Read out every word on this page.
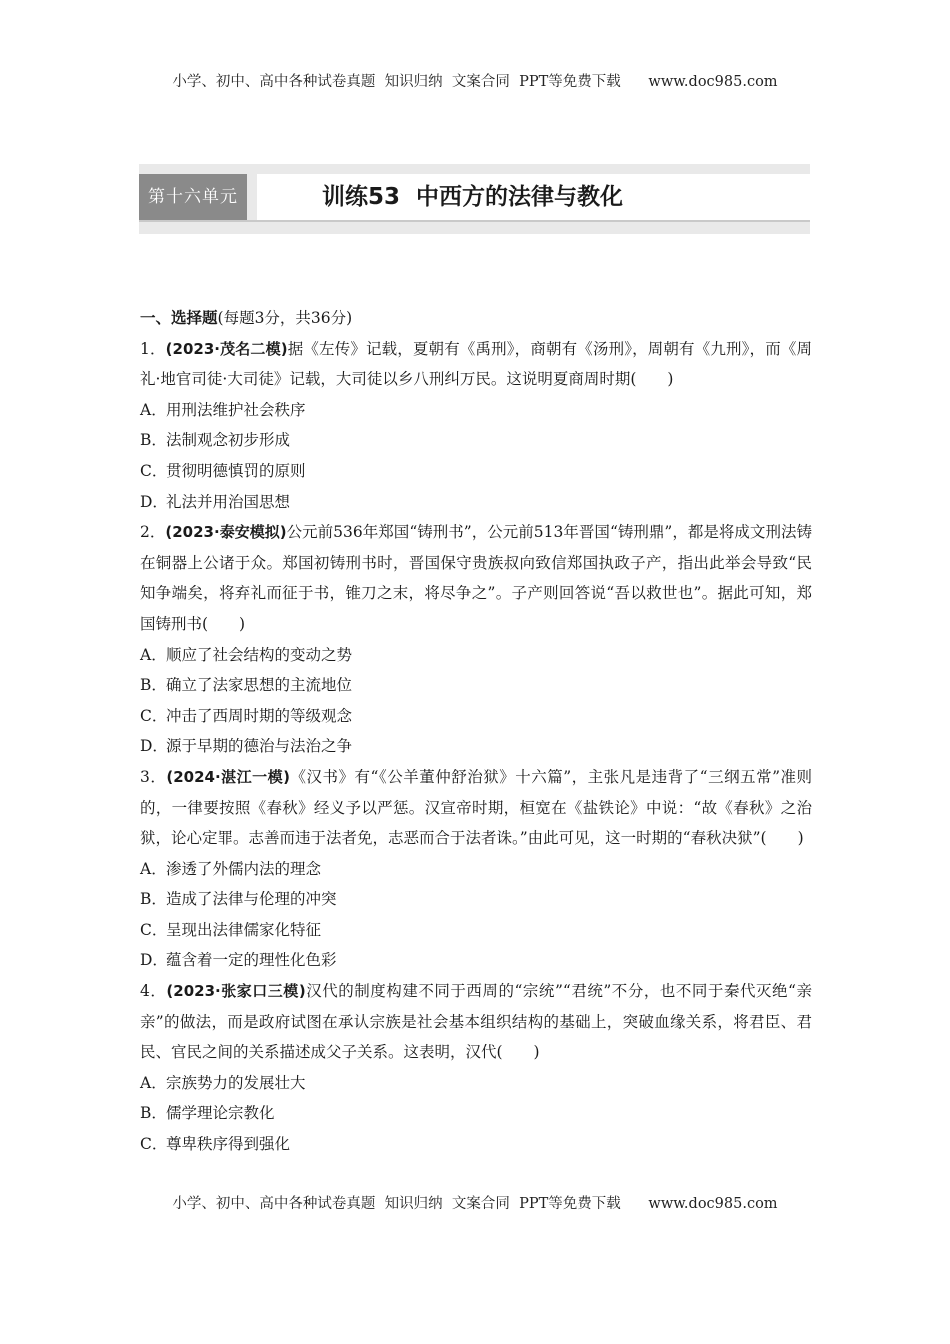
小学、初中、高中各种试卷真题  知识归纳  文案合同  PPT等免费下载      www.doc985.com
第十六单元	训练53  中西方的法律与教化

一、选择题(每题3分，共36分)

1．(2023·茂名二模)据《左传》记载，夏朝有《禹刑》，商朝有《汤刑》，周朝有《九刑》，而《周礼·地官司徒·大司徒》记载，大司徒以乡八刑纠万民。这说明夏商周时期(　　)

A．用刑法维护社会秩序

B．法制观念初步形成

C．贯彻明德慎罚的原则

D．礼法并用治国思想

2．(2023·泰安模拟)公元前536年郑国“铸刑书”，公元前513年晋国“铸刑鼎”，都是将成文刑法铸在铜器上公诸于众。郑国初铸刑书时，晋国保守贵族叔向致信郑国执政子产，指出此举会导致“民知争端矣，将弃礼而征于书，锥刀之末，将尽争之”。子产则回答说“吾以救世也”。据此可知，郑国铸刑书(　　)

A．顺应了社会结构的变动之势

B．确立了法家思想的主流地位

C．冲击了西周时期的等级观念

D．源于早期的德治与法治之争

3．(2024·湛江一模)《汉书》有“《公羊董仲舒治狱》十六篇”，主张凡是违背了“三纲五常”准则的，一律要按照《春秋》经义予以严惩。汉宣帝时期，桓宽在《盐铁论》中说：“故《春秋》之治狱，论心定罪。志善而违于法者免，志恶而合于法者诛。”由此可见，这一时期的“春秋决狱”(　　)

A．渗透了外儒内法的理念

B．造成了法律与伦理的冲突

C．呈现出法律儒家化特征

D．蕴含着一定的理性化色彩

4．(2023·张家口三模)汉代的制度构建不同于西周的“宗统”“君统”不分，也不同于秦代灭绝“亲亲”的做法，而是政府试图在承认宗族是社会基本组织结构的基础上，突破血缘关系，将君臣、君民、官民之间的关系描述成父子关系。这表明，汉代(　　)

A．宗族势力的发展壮大

B．儒学理论宗教化

C．尊卑秩序得到强化

小学、初中、高中各种试卷真题  知识归纳  文案合同  PPT等免费下载      www.doc985.com
